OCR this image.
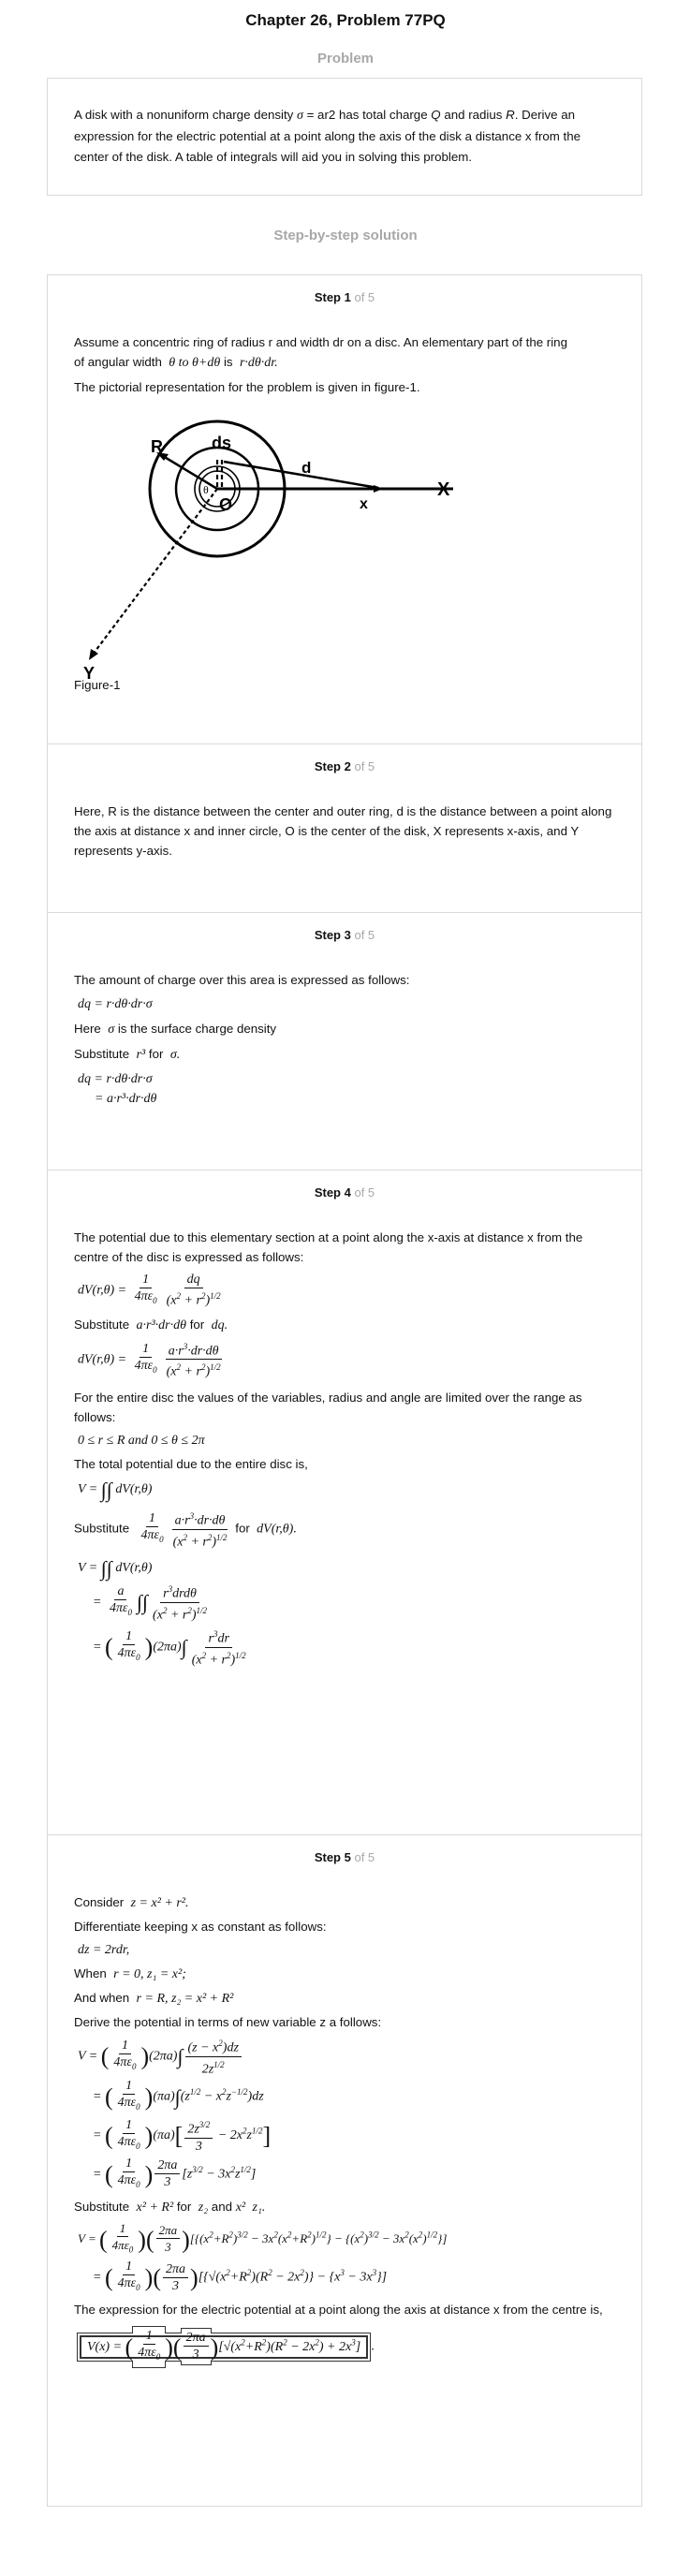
Chapter 26, Problem 77PQ
Problem
A disk with a nonuniform charge density σ = ar2 has total charge Q and radius R. Derive an expression for the electric potential at a point along the axis of the disk a distance x from the center of the disk. A table of integrals will aid you in solving this problem.
Step-by-step solution
Step 1 of 5
Assume a concentric ring of radius r and width dr on a disc. An elementary part of the ring
of angular width θ to θ+dθ is r·dθ·dr.
The pictorial representation for the problem is given in figure-1.
R	ds
d
X
x
O
θ
Y
Figure-1
Step 2 of 5
Here, R is the distance between the center and outer ring, d is the distance between a point along the axis at distance x and inner circle, O is the center of the disk, X represents x-axis, and Y represents y-axis.
Step 3 of 5
The amount of charge over this area is expressed as follows:
dq = r·dθ·dr·σ
Here σ is the surface charge density
Substitute r³ for σ.
dq = r·dθ·dr·σ
= a·r³·dr·dθ
Step 4 of 5
The potential due to this elementary section at a point along the x-axis at distance x from the centre of the disc is expressed as follows:
$dV(r,\theta) = \frac{1}{4\pi\varepsilon_0} \frac{dq}{(x^2 + r^2)^{1/2}}$
Substitute a·r³·dr·dθ for dq.
$dV(r,\theta) = \frac{1}{4\pi\varepsilon_0} \frac{a\cdot r^3\cdot dr\cdot d\theta}{(x^2 + r^2)^{1/2}}$
For the entire disc the values of the variables, radius and angle are limited over the range as follows:
0 ≤ r ≤ R and 0 ≤ θ ≤ 2π
The total potential due to the entire disc is,
V = ∫∫ dV(r,θ)
Substitute $\frac{1}{4\pi\varepsilon_0} \frac{a\cdot r^3\cdot dr\cdot d\theta}{(x^2 + r^2)^{1/2}}$ for dV(r,θ).
V = ∫∫ dV(r,θ)
= $\frac{a}{4\pi\varepsilon_0}$ ∫∫ $\frac{r^3drd\theta}{(x^2 + r^2)^{1/2}}$
= ( $\frac{1}{4\pi\varepsilon_0} )(2\pi a)\int \frac{r^3dr}{(x^2 + r^2)^{1/2}}$
Step 5 of 5
Consider z = x² + r².
Differentiate keeping x as constant as follows:
dz = 2rdr,
When r = 0, z₁ = x²;
And when r = R, z₂ = x² + R²
Derive the potential in terms of new variable z a follows:
V = ( $\frac{1}{4\pi\varepsilon_0} )(2\pi a)\int \frac{(z - x^2)dz}{2z^{1/2}}$
= ( $\frac{1}{4\pi\varepsilon_0} )(\pi a)\int(z^{1/2} - x^2z^{-1/2})dz$
= ( $\frac{1}{4\pi\varepsilon_0} )(\pi a)[ \frac{2z^{3/2}}{3} - 2x^2z^{1/2}]$
= ( $\frac{1}{4\pi\varepsilon_0}$ ) $\frac{2\pi a}{3} [z^{3/2} - 3x^2z^{1/2}]$
Substitute x² + R² for z₂ and x² z₁.
V = ( $\frac{1}{4\pi\varepsilon_0}$ )( $\frac{2\pi a}{3} )[\{(x^2+R^2)^{3/2} - 3x^2(x^2+R^2)^{1/2}\} - \{(x^2)^{3/2} - 3x^2(x^2)^{1/2}\}]$
= ( $\frac{1}{4\pi\varepsilon_0}$ )( $\frac{2\pi a}{3} )[\{√(x^2+R^2)(R^2 - 2x^2)\} - \{x^3 - 3x^3\}]$
The expression for the electric potential at a point along the axis at distance x from the centre is,
V(x) = ( $\frac{1}{4\pi\varepsilon_0}$ )( $\frac{2\pi a}{3} )[√(x^2+R^2)(R^2 - 2x^2) + 2x^3]$ .
